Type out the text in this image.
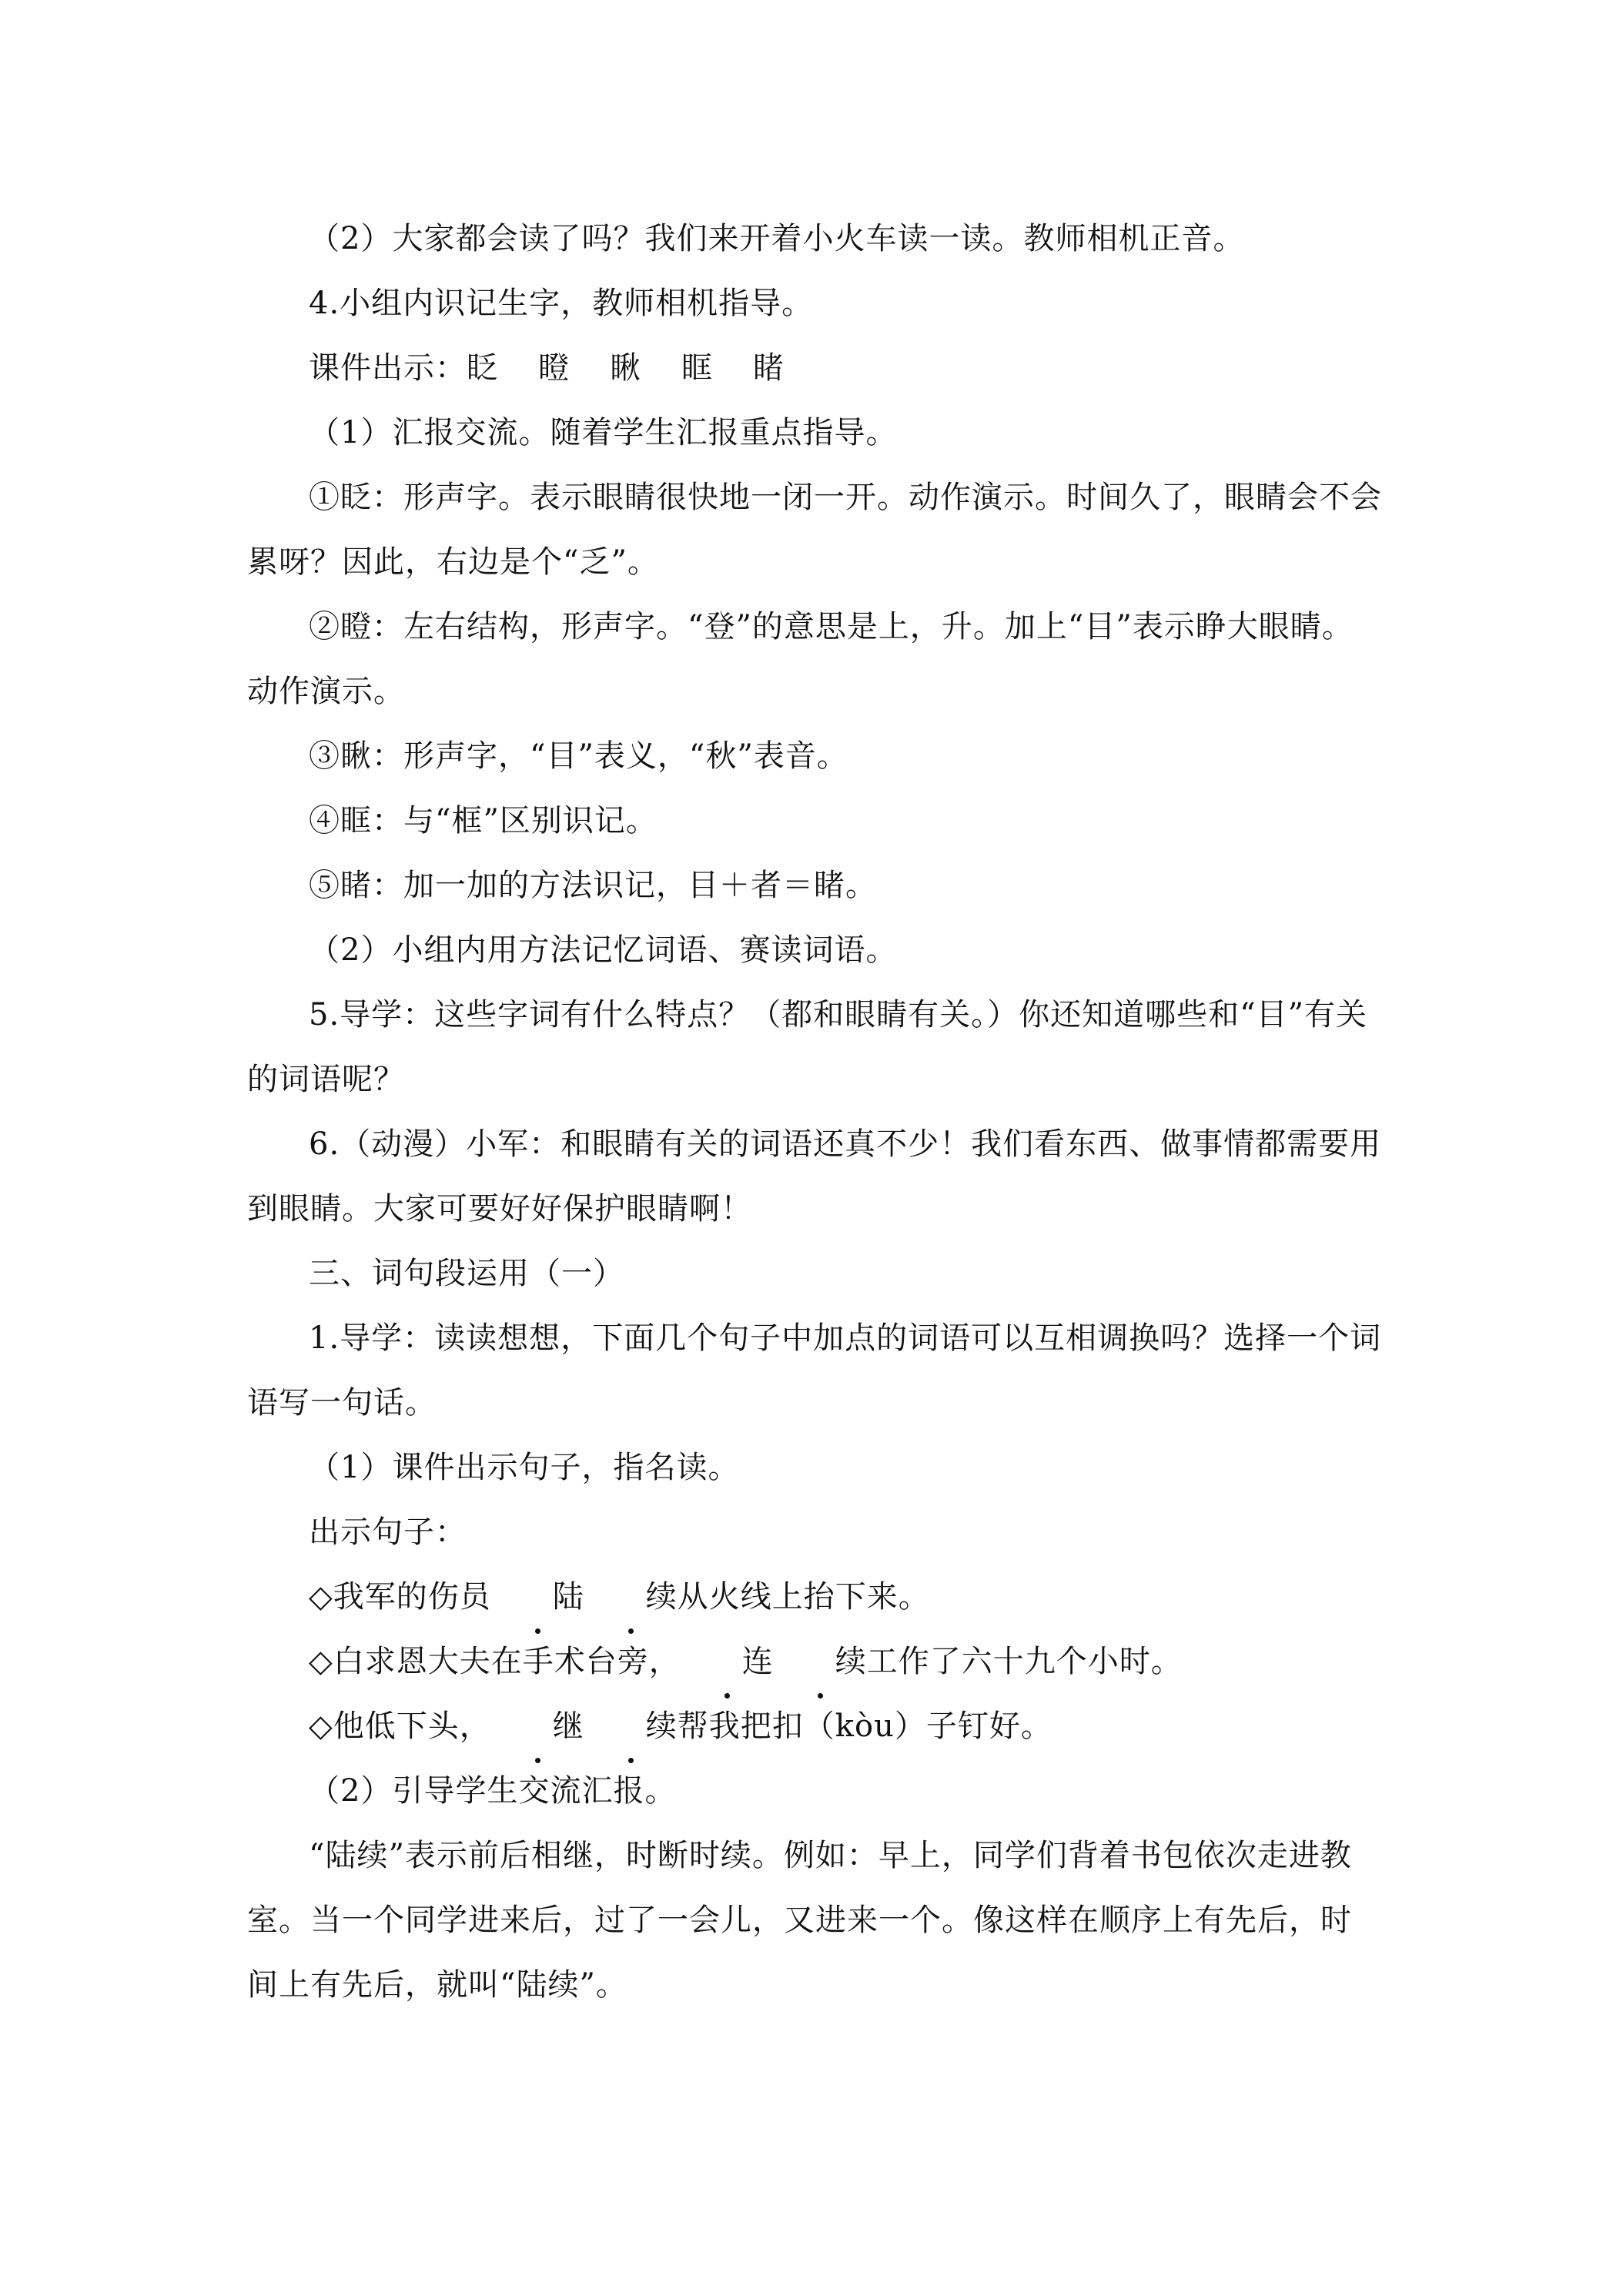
（2）大家都会读了吗？我们来开着小火车读一读。教师相机正音。

4.小组内识记生字，教师相机指导。

课件出示：眨 瞪 瞅 眶 睹

（1）汇报交流。随着学生汇报重点指导。

①眨：形声字。表示眼睛很快地一闭一开。动作演示。时间久了，眼睛会不会累呀？因此，右边是个“乏”。

②瞪：左右结构，形声字。“登”的意思是上，升。加上“目”表示睁大眼睛。动作演示。

③瞅：形声字，“目”表义，“秋”表音。

④眶：与“框”区别识记。

⑤睹：加一加的方法识记，目＋者＝睹。

（2）小组内用方法记忆词语、赛读词语。

5.导学：这些字词有什么特点？（都和眼睛有关。）你还知道哪些和“目”有关的词语呢？

6.（动漫）小军：和眼睛有关的词语还真不少！我们看东西、做事情都需要用到眼睛。大家可要好好保护眼睛啊！

三、词句段运用（一）

1.导学：读读想想，下面几个句子中加点的词语可以互相调换吗？选择一个词语写一句话。

（1）课件出示句子，指名读。

出示句子：

◇我军的伤员 陆 续从火线上抬下来。

◇白求恩大夫在手术台旁， 连 续工作了六十九个小时。

◇他低下头， 继 续帮我把扣（kòu）子钉好。

（2）引导学生交流汇报。

“陆续”表示前后相继，时断时续。例如：早上，同学们背着书包依次走进教室。当一个同学进来后，过了一会儿，又进来一个。像这样在顺序上有先后，时间上有先后，就叫“陆续”。
